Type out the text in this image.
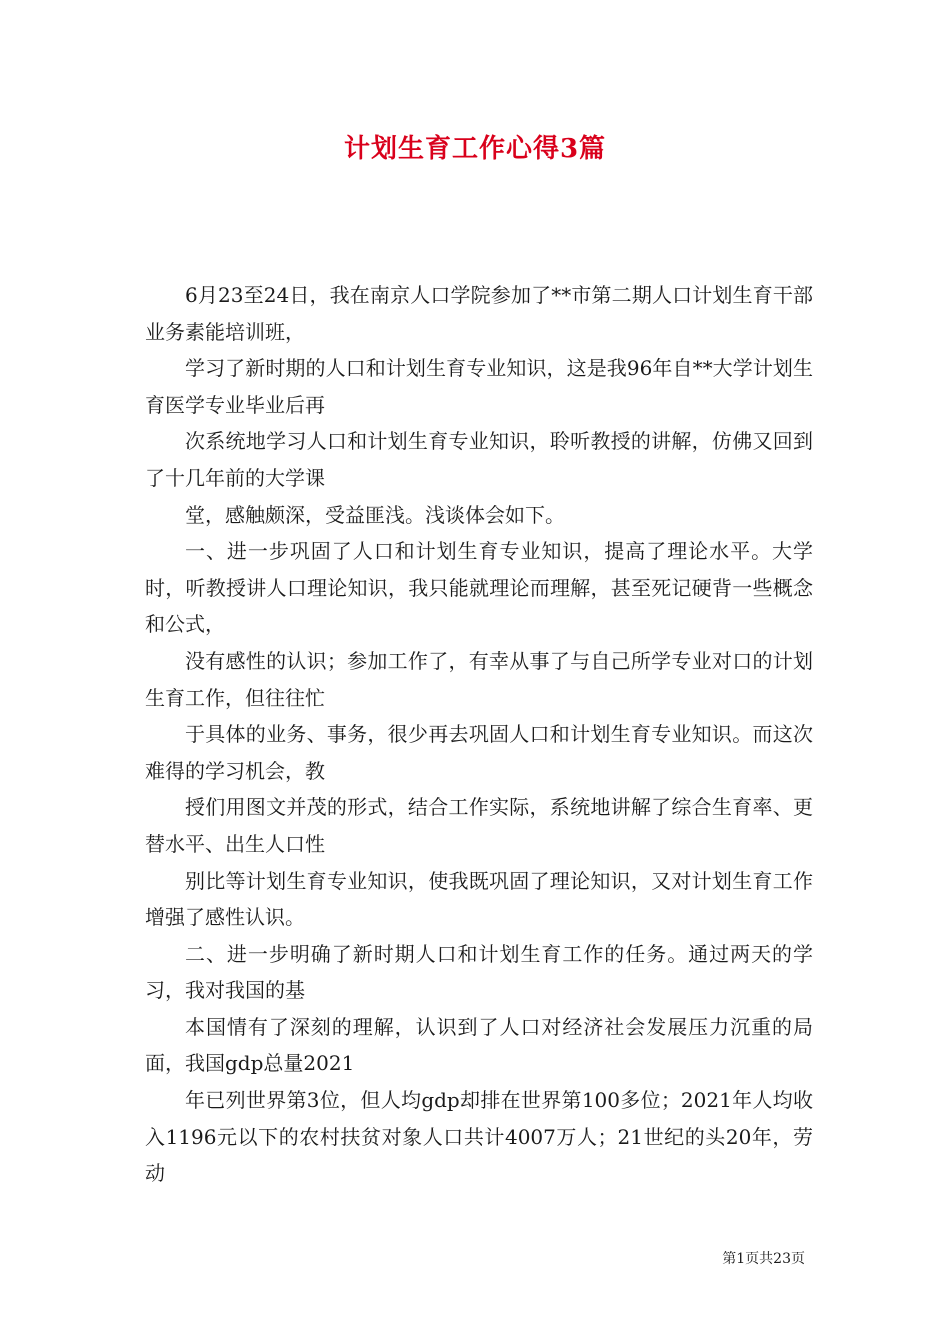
计划生育工作心得3篇

6月23至24日，我在南京人口学院参加了**市第二期人口计划生育干部业务素能培训班，

学习了新时期的人口和计划生育专业知识，这是我96年自**大学计划生育医学专业毕业后再

次系统地学习人口和计划生育专业知识，聆听教授的讲解，仿佛又回到了十几年前的大学课

堂，感触颇深，受益匪浅。浅谈体会如下。

一、进一步巩固了人口和计划生育专业知识，提高了理论水平。大学时，听教授讲人口理论知识，我只能就理论而理解，甚至死记硬背一些概念和公式，

没有感性的认识；参加工作了，有幸从事了与自己所学专业对口的计划生育工作，但往往忙

于具体的业务、事务，很少再去巩固人口和计划生育专业知识。而这次难得的学习机会，教

授们用图文并茂的形式，结合工作实际，系统地讲解了综合生育率、更替水平、出生人口性

别比等计划生育专业知识，使我既巩固了理论知识，又对计划生育工作增强了感性认识。

二、进一步明确了新时期人口和计划生育工作的任务。通过两天的学习，我对我国的基

本国情有了深刻的理解，认识到了人口对经济社会发展压力沉重的局面，我国gdp总量2021

年已列世界第3位，但人均gdp却排在世界第100多位；2021年人均收入1196元以下的农村扶贫对象人口共计4007万人；21世纪的头20年，劳动

第1页共23页
